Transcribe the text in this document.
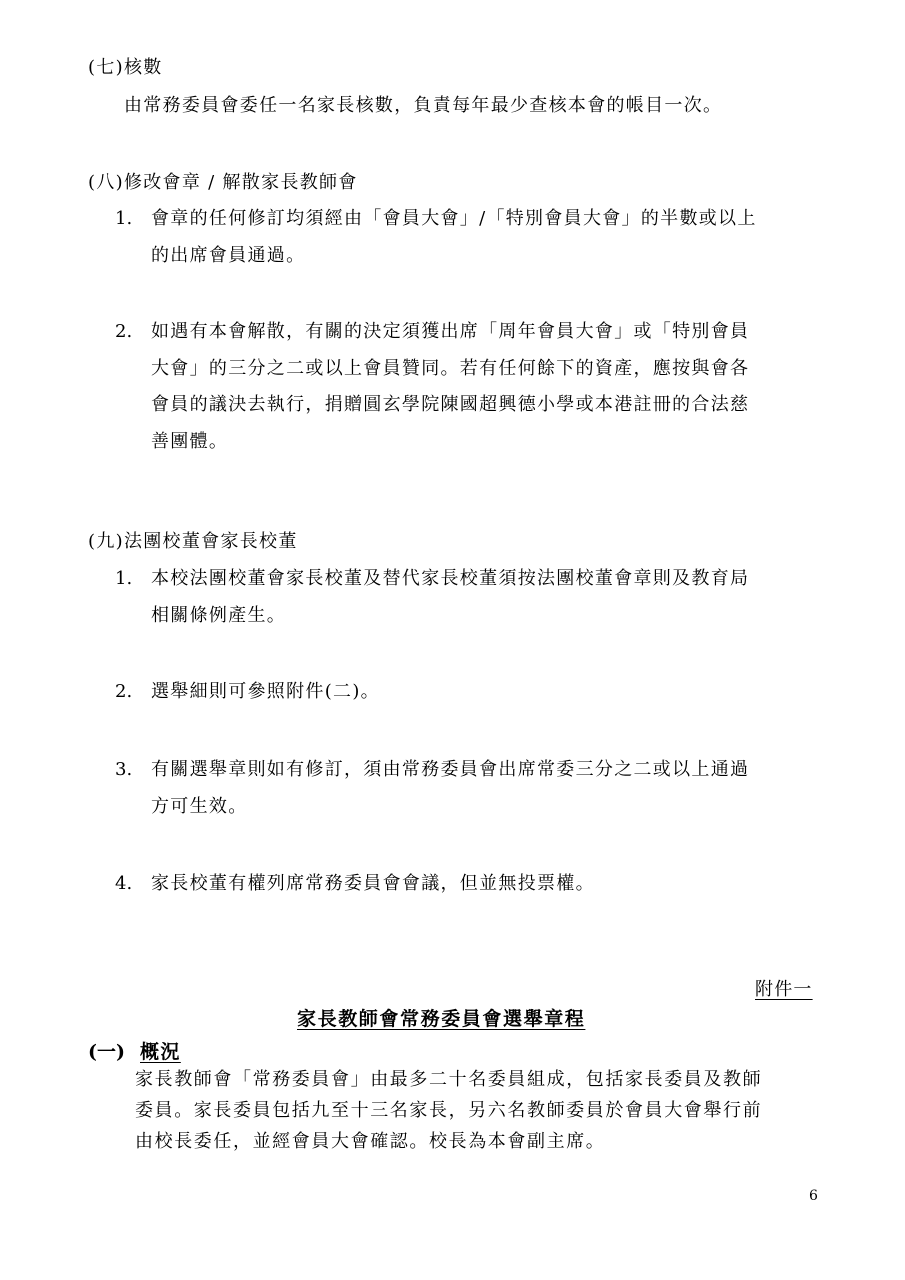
(七)核數
由常務委員會委任一名家長核數，負責每年最少查核本會的帳目一次。
(八)修改會章 / 解散家長教師會
1. 會章的任何修訂均須經由「會員大會」/「特別會員大會」的半數或以上
的出席會員通過。
2. 如遇有本會解散，有關的決定須獲出席「周年會員大會」或「特別會員
大會」的三分之二或以上會員贊同。若有任何餘下的資產，應按與會各
會員的議決去執行，捐贈圓玄學院陳國超興德小學或本港註冊的合法慈
善團體。
(九)法團校董會家長校董
1. 本校法團校董會家長校董及替代家長校董須按法團校董會章則及教育局
相關條例產生。
2. 選舉細則可參照附件(二)。
3. 有關選舉章則如有修訂，須由常務委員會出席常委三分之二或以上通過
方可生效。
4. 家長校董有權列席常務委員會會議，但並無投票權。
附件一
家長教師會常務委員會選舉章程
(一) 概況
家長教師會「常務委員會」由最多二十名委員組成，包括家長委員及教師
委員。家長委員包括九至十三名家長，另六名教師委員於會員大會舉行前
由校長委任，並經會員大會確認。校長為本會副主席。
6
